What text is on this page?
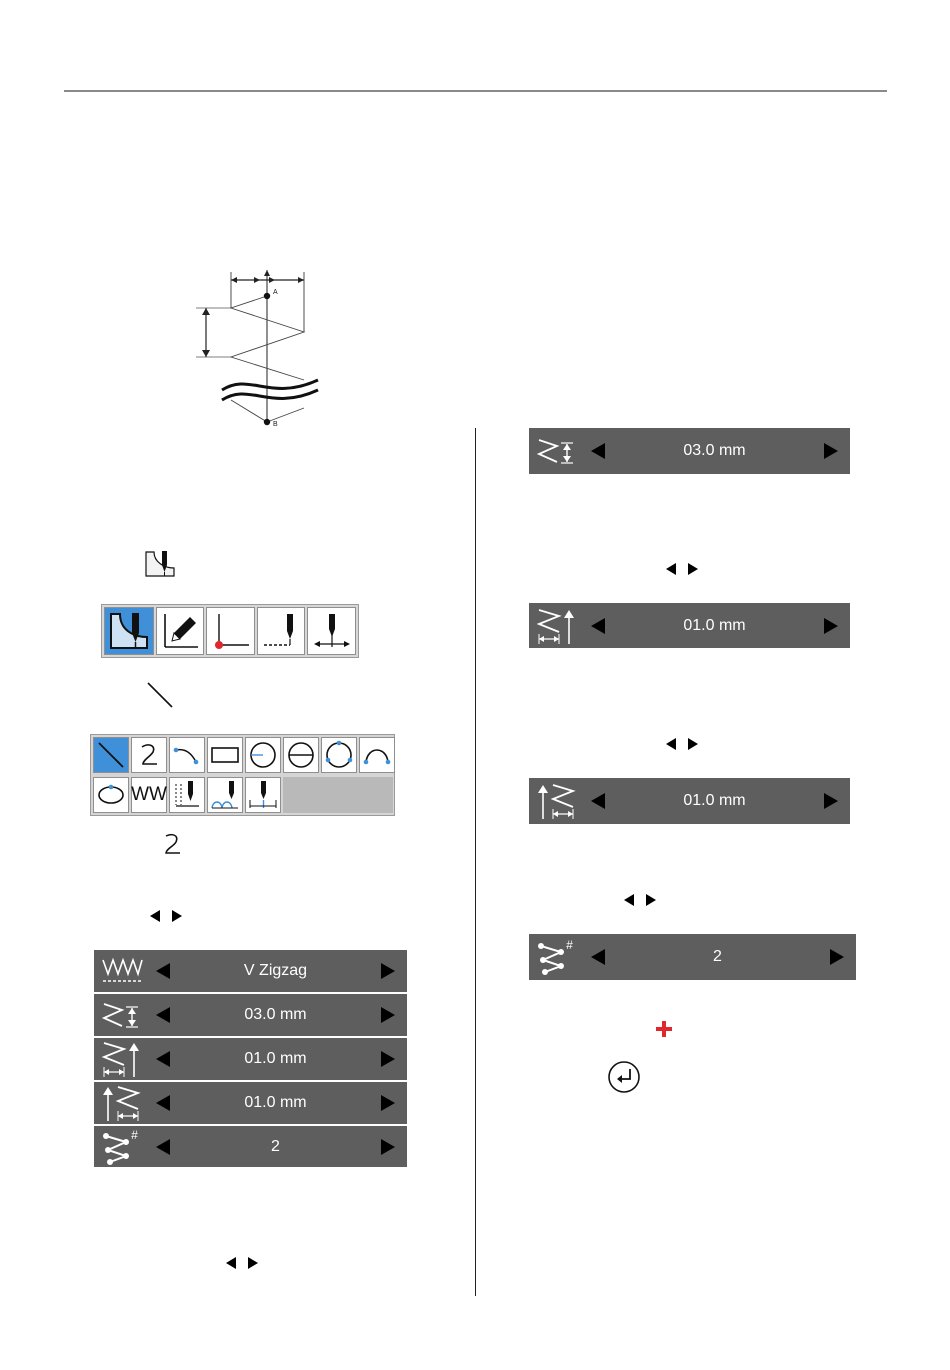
A
B
WW
V Zigzag
03.0 mm
01.0 mm
01.0 mm
#
2
03.0 mm
01.0 mm
01.0 mm
#
2
